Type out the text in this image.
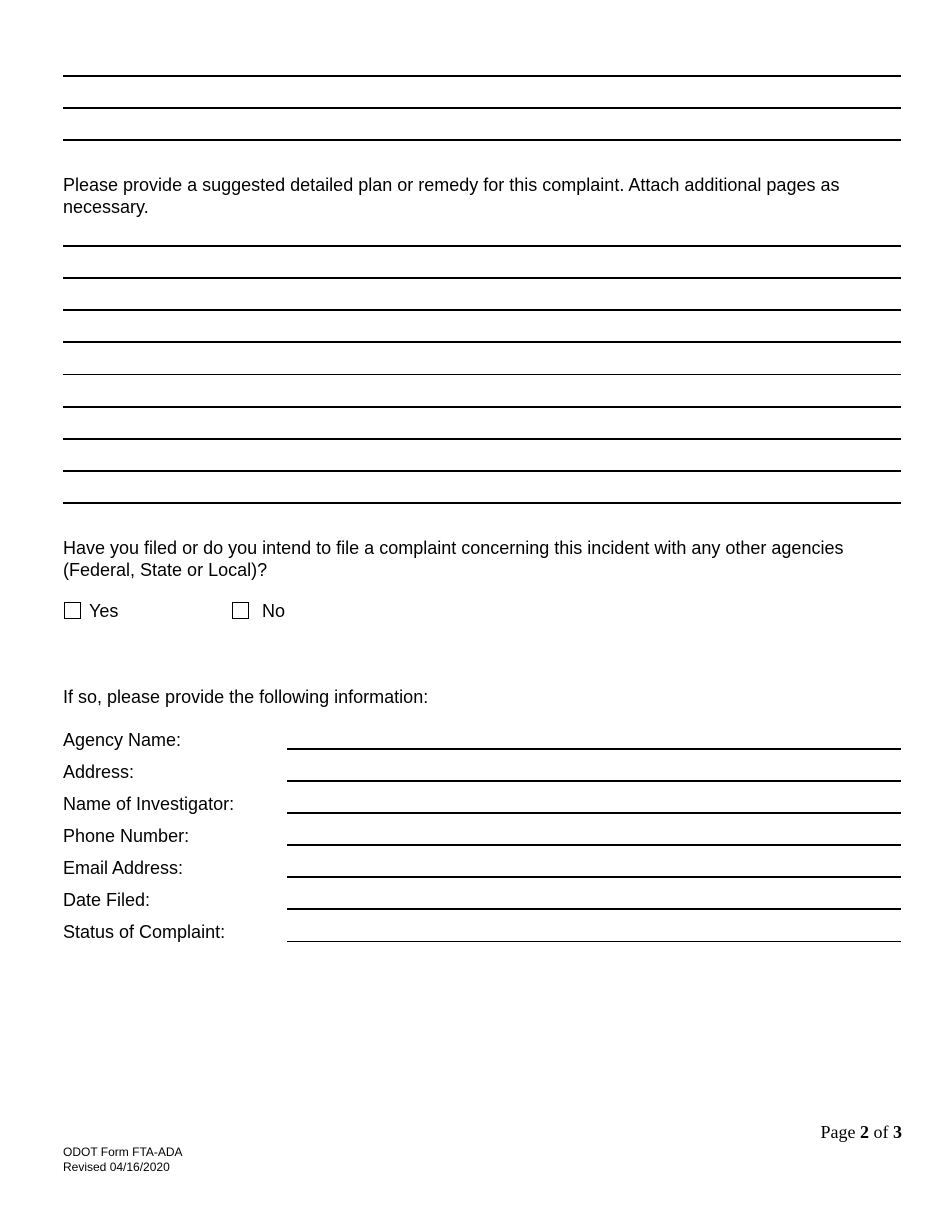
Please provide a suggested detailed plan or remedy for this complaint. Attach additional pages as necessary.

Have you filed or do you intend to file a complaint concerning this incident with any other agencies (Federal, State or Local)?

Yes	No

If so, please provide the following information:

Agency Name:
Address:
Name of Investigator:
Phone Number:
Email Address:
Date Filed:
Status of Complaint:
Page 2 of 3
ODOT Form FTA-ADA
Revised 04/16/2020
